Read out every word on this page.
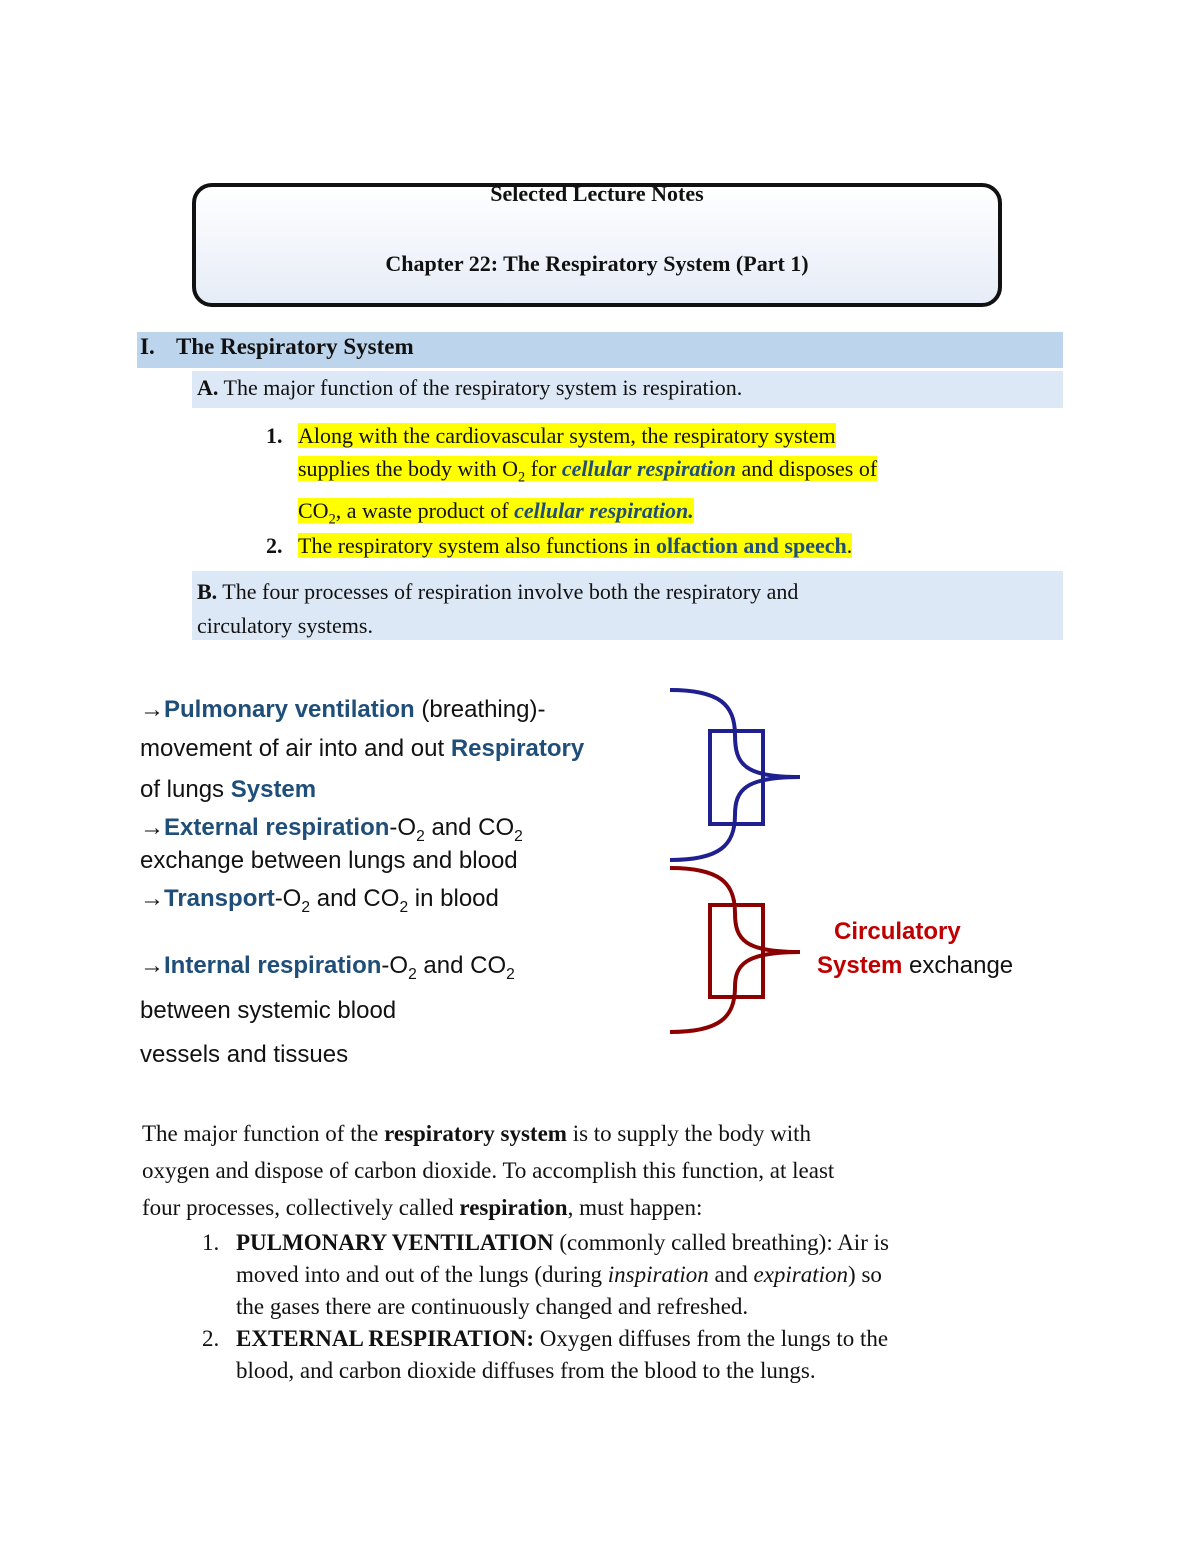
Selected Lecture Notes
Chapter 22: The Respiratory System (Part 1)
I. The Respiratory System
A. The major function of the respiratory system is respiration.
1. Along with the cardiovascular system, the respiratory system
supplies the body with $O_2$ for cellular respiration and disposes of
$CO_2$, a waste product of cellular respiration.
2. The respiratory system also functions in olfaction and speech.
B. The four processes of respiration involve both the respiratory and
circulatory systems.
→Pulmonary ventilation (breathing)-
movement of air into and out Respiratory
of lungs System
→External respiration-$O_2$ and $CO_2$
exchange between lungs and blood
$\to Transport-O_2$ and $CO_2$ in blood
→Internal respiration-$O_2$ and $CO_2$
between systemic blood
vessels and tissues
Circulatory
System exchange
The major function of the respiratory system is to supply the body with
oxygen and dispose of carbon dioxide. To accomplish this function, at least
four processes, collectively called respiration, must happen:
1. PULMONARY VENTILATION (commonly called breathing): Air is
moved into and out of the lungs (during inspiration and expiration) so
the gases there are continuously changed and refreshed.
2. EXTERNAL RESPIRATION: Oxygen diffuses from the lungs to the
blood, and carbon dioxide diffuses from the blood to the lungs.
